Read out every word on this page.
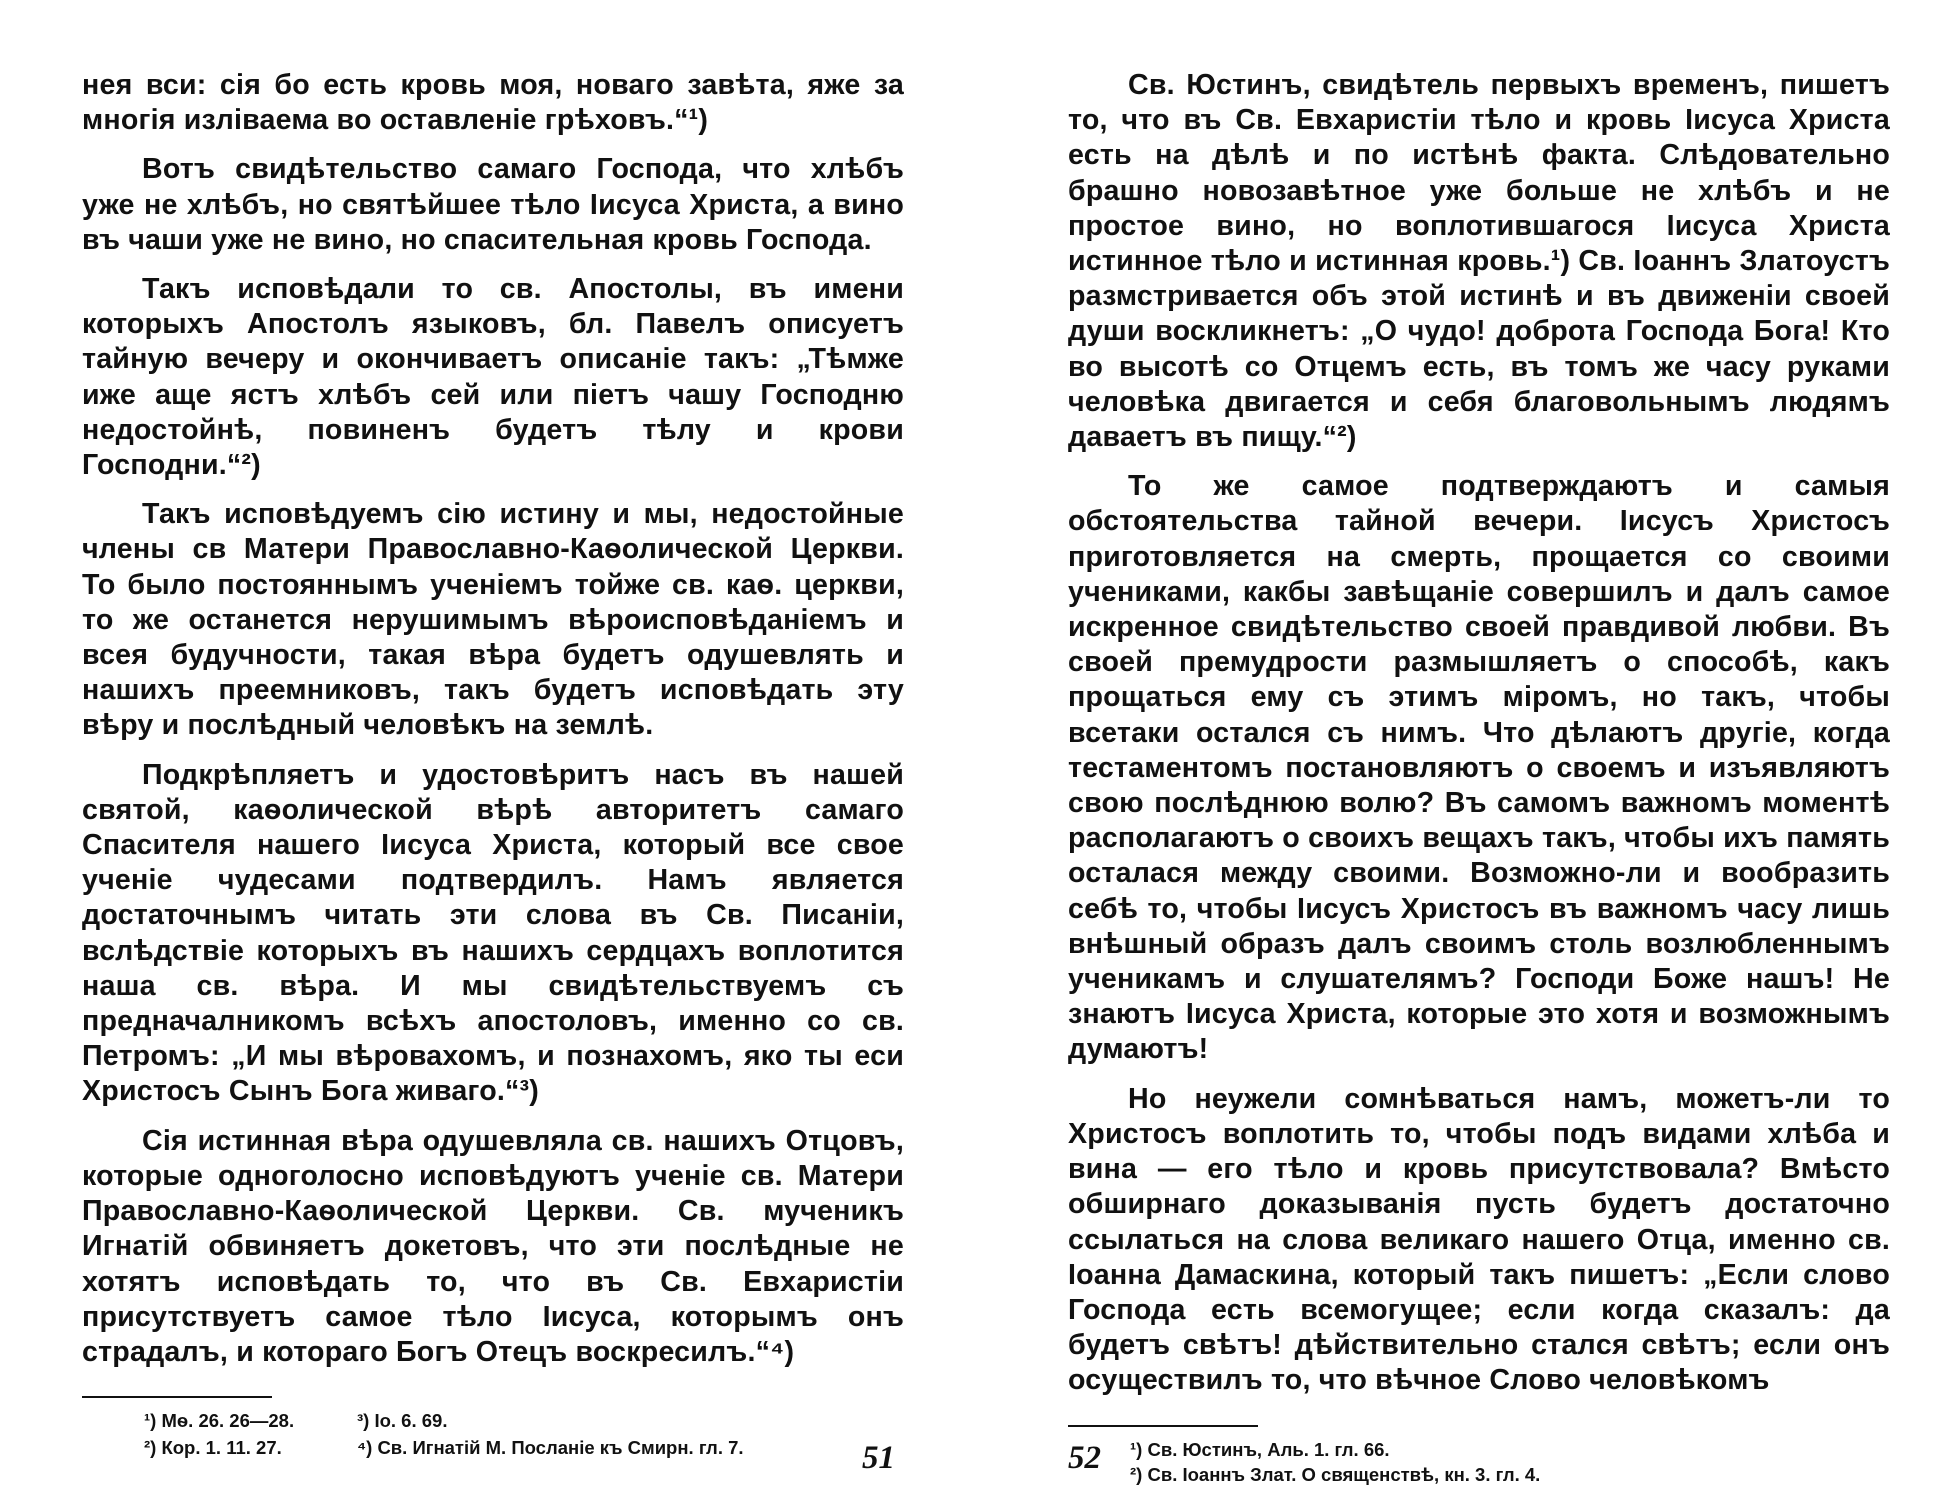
нея вси: сія бо есть кровь моя, новаго завѣта, яже за многія изліваема во оставленіе грѣховъ.“¹)

Вотъ свидѣтельство самаго Господа, что хлѣбъ уже не хлѣбъ, но святѣйшее тѣло Іисуса Христа, а вино въ чаши уже не вино, но спасительная кровь Господа.

Такъ исповѣдали то св. Апостолы, въ имени которыхъ Апостолъ языковъ, бл. Павелъ описуетъ тайную вечеру и окончиваетъ описаніе такъ: „Тѣмже иже аще ястъ хлѣбъ сей или піетъ чашу Господню недостойнѣ, повиненъ будетъ тѣлу и крови Господни.“²)

Такъ исповѣдуемъ сію истину и мы, недостойные члены св Матери Православно-Каѳолической Церкви. То было постояннымъ ученіемъ тойже св. каѳ. церкви, то же останется нерушимымъ вѣроисповѣданіемъ и всея будучности, такая вѣра будетъ одушевлять и нашихъ преемниковъ, такъ будетъ исповѣдать эту вѣру и послѣдный человѣкъ на землѣ.

Подкрѣпляетъ и удостовѣритъ насъ въ нашей святой, каѳолической вѣрѣ авторитетъ самаго Спасителя нашего Іисуса Христа, который все свое ученіе чудесами подтвердилъ. Намъ является достаточнымъ читать эти слова въ Св. Писаніи, вслѣдствіе которыхъ въ нашихъ сердцахъ воплотится наша св. вѣра. И мы свидѣтельствуемъ съ предначалникомъ всѣхъ апостоловъ, именно со св. Петромъ: „И мы вѣровахомъ, и познахомъ, яко ты еси Христосъ Сынъ Бога живаго.“³)

Сія истинная вѣра одушевляла св. нашихъ Отцовъ, которые одноголосно исповѣдуютъ ученіе св. Матери Православно-Каѳолической Церкви. Св. мученикъ Игнатій обвиняетъ докетовъ, что эти послѣдные не хотятъ исповѣдать то, что въ Св. Евхаристіи присутствуетъ самое тѣло Іисуса, которымъ онъ страдалъ, и котораго Богъ Отецъ воскресилъ.“⁴)

¹) Мѳ. 26. 26—28.	³) Іо. 6. 69.
²) Кор. 1. 11. 27.	⁴) Св. Игнатій М. Посланіе къ Смирн. гл. 7.	51

Св. Юстинъ, свидѣтель первыхъ временъ, пишетъ то, что въ Св. Евхаристіи тѣло и кровь Іисуса Христа есть на дѣлѣ и по истѣнѣ факта. Слѣдовательно брашно новозавѣтное уже больше не хлѣбъ и не простое вино, но воплотившагося Іисуса Христа истинное тѣло и истинная кровь.¹) Св. Іоаннъ Златоустъ размстривается объ этой истинѣ и въ движеніи своей души воскликнетъ: „О чудо! доброта Господа Бога! Кто во высотѣ со Отцемъ есть, въ томъ же часу руками человѣка двигается и себя благовольнымъ людямъ даваетъ въ пищу.“²)

То же самое подтверждаютъ и самыя обстоятельства тайной вечери. Іисусъ Христосъ приготовляется на смерть, прощается со своими учениками, какбы завѣщаніе совершилъ и далъ самое искренное свидѣтельство своей правдивой любви. Въ своей премудрости размышляетъ о способѣ, какъ прощаться ему съ этимъ міромъ, но такъ, чтобы всетаки остался съ нимъ. Что дѣлаютъ другіе, когда тестаментомъ постановляютъ о своемъ и изъявляютъ свою послѣднюю волю? Въ самомъ важномъ моментѣ располагаютъ о своихъ вещахъ такъ, чтобы ихъ память осталася между своими. Возможно-ли и вообразить себѣ то, чтобы Іисусъ Христосъ въ важномъ часу лишь внѣшный образъ далъ своимъ столь возлюбленнымъ ученикамъ и слушателямъ? Господи Боже нашъ! Не знаютъ Іисуса Христа, которые это хотя и возможнымъ думаютъ!

Но неужели сомнѣваться намъ, можетъ-ли то Христосъ воплотить то, чтобы подъ видами хлѣба и вина — его тѣло и кровь присутствовала? Вмѣсто обширнаго доказыванія пусть будетъ достаточно ссылаться на слова великаго нашего Отца, именно св. Іоанна Дамаскина, который такъ пишетъ: „Если слово Господа есть всемогущее; если когда сказалъ: да будетъ свѣтъ! дѣйствительно сталcя свѣтъ; если онъ осуществилъ то, что вѣчное Слово человѣкомъ

¹) Св. Юстинъ, Аль. 1. гл. 66.
²) Св. Іоаннъ Злат. О священствѣ, кн. 3. гл. 4.
52
